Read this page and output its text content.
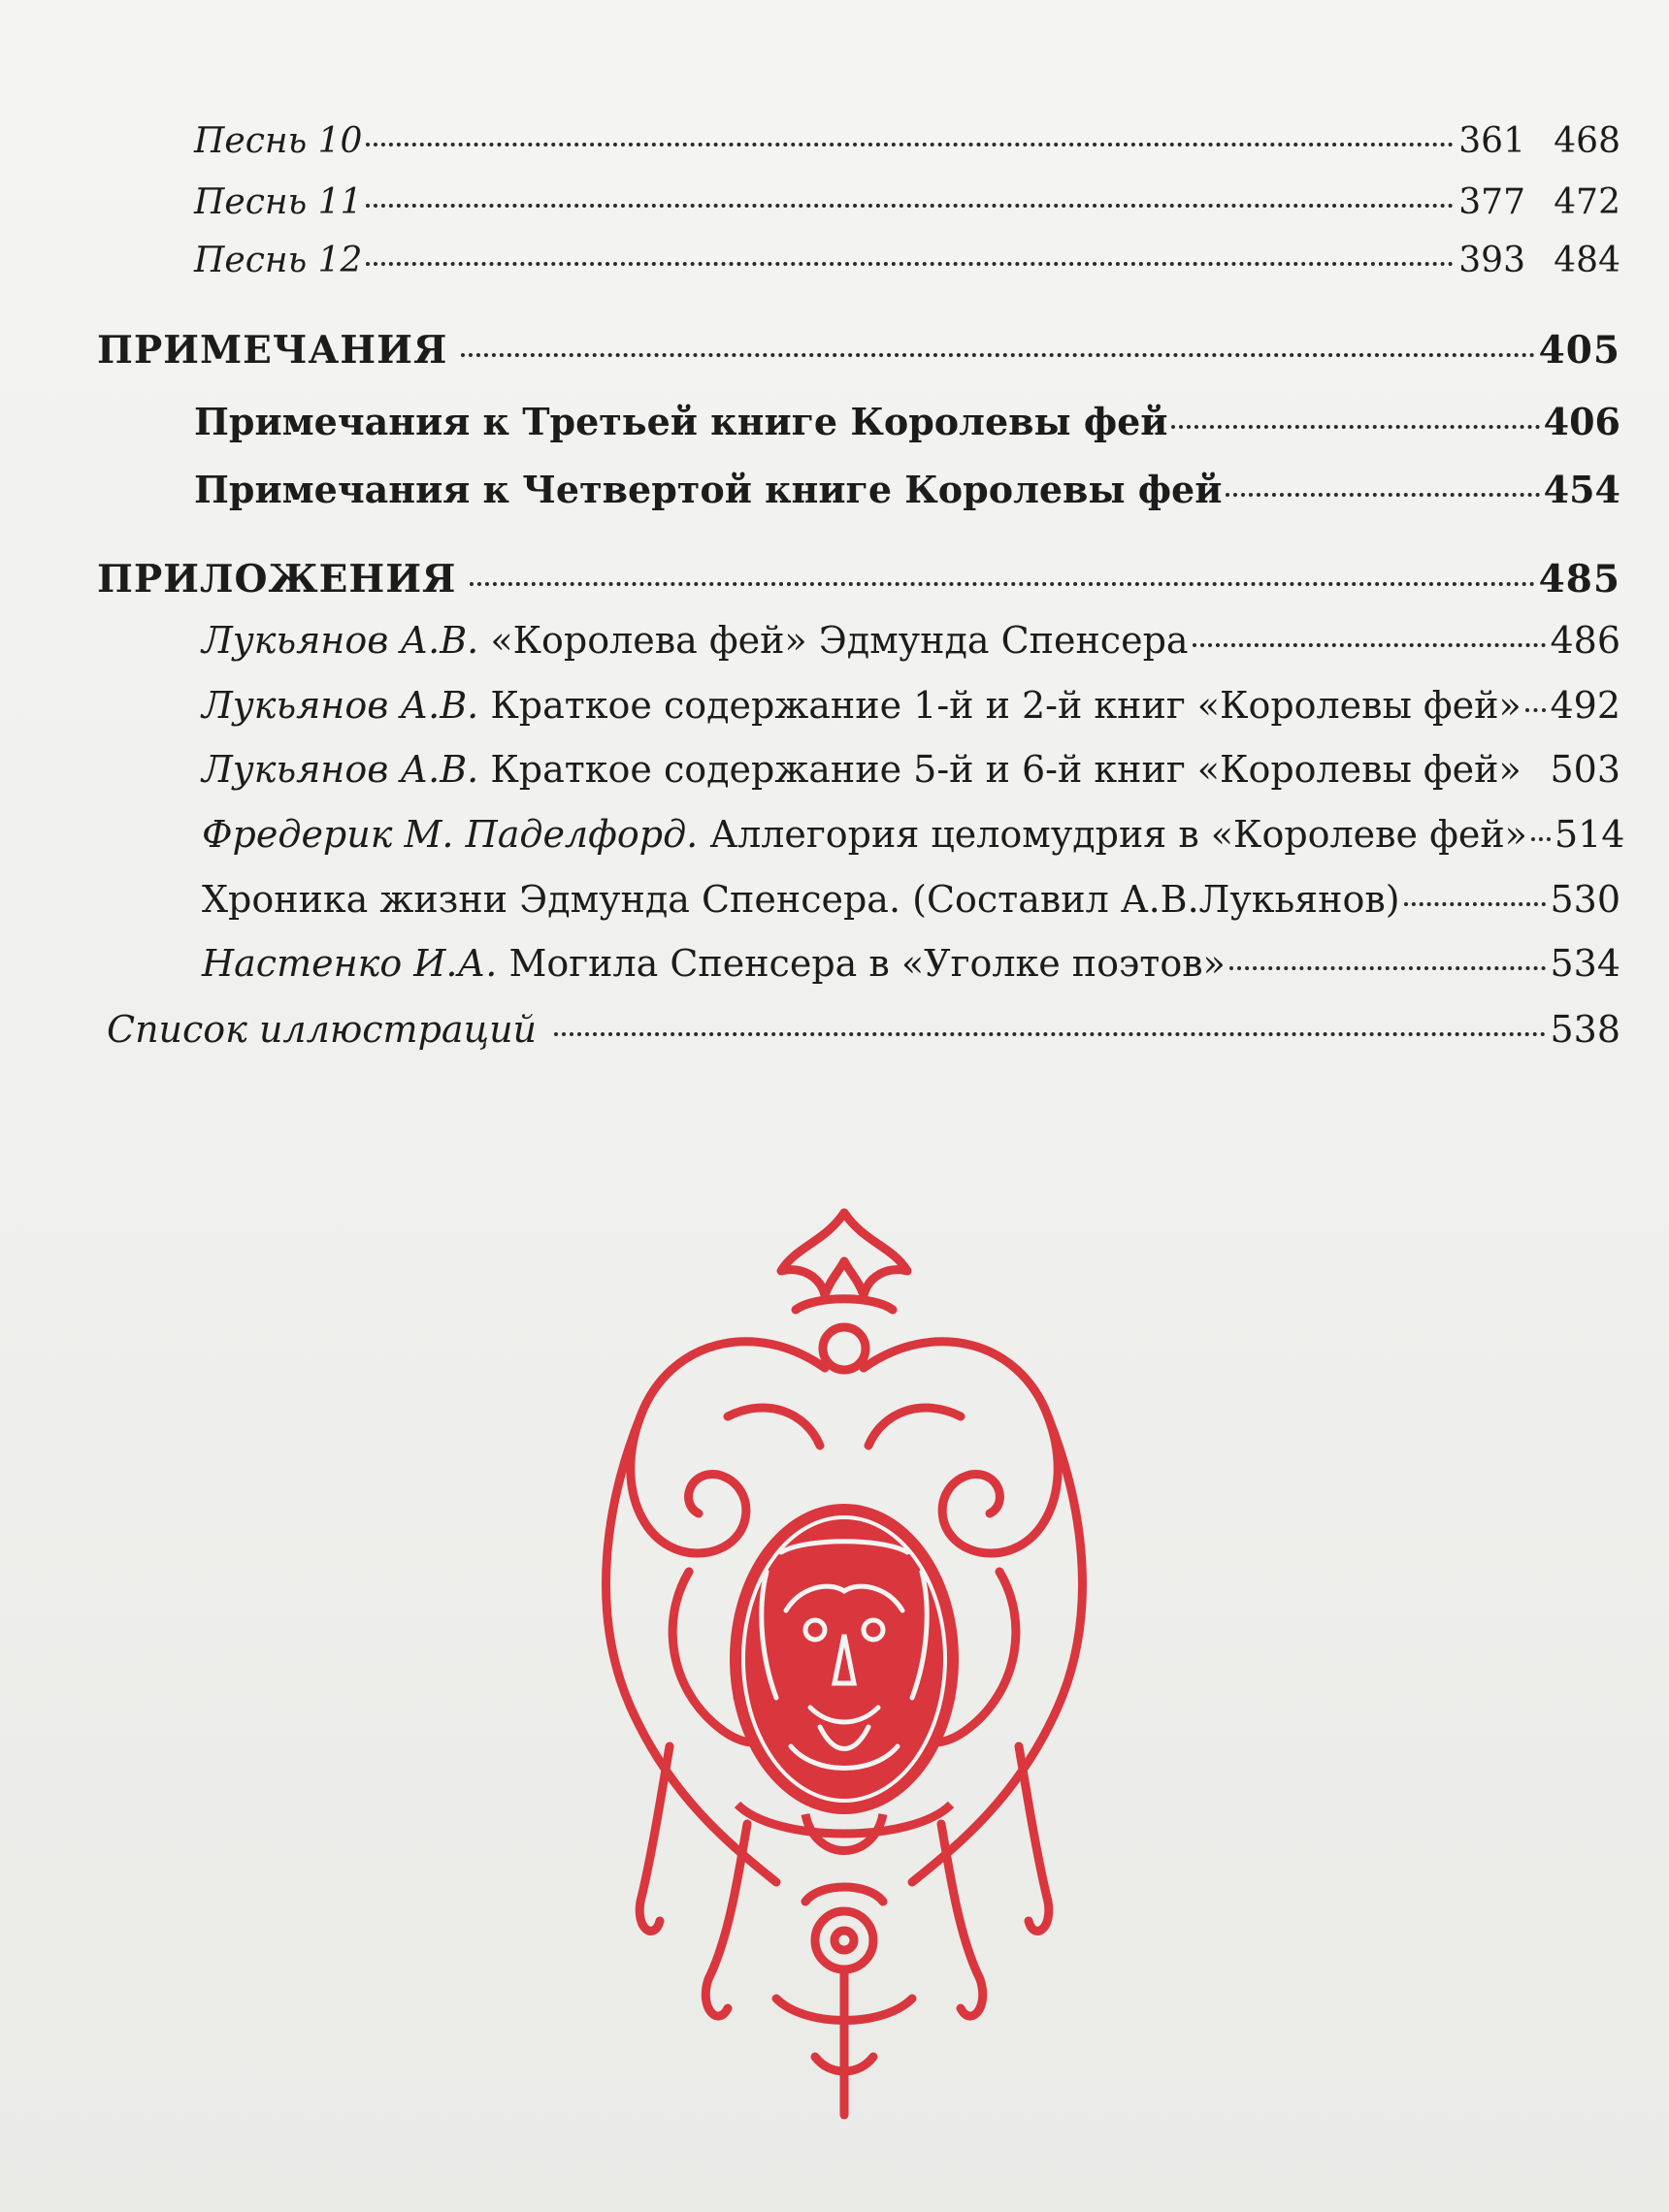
Песнь 10	361 468
Песнь 11	377 472
Песнь 12	393 484
ПРИМЕЧАНИЯ	405
Примечания к Третьей книге Королевы фей	406
Примечания к Четвертой книге Королевы фей	454
ПРИЛОЖЕНИЯ	485
Лукьянов А.В. «Королева фей» Эдмунда Спенсера	486
Лукьянов А.В. Краткое содержание 1-й и 2-й книг «Королевы фей» 492
Лукьянов А.В. Краткое содержание 5-й и 6-й книг «Королевы фей» 503
Фредерик М. Паделфорд. Аллегория целомудрия в «Королеве фей» 514
Хроника жизни Эдмунда Спенсера. (Составил А.В.Лукьянов)	530
Настенко И.А. Могила Спенсера в «Уголке поэтов»	534
Список иллюстраций	538
